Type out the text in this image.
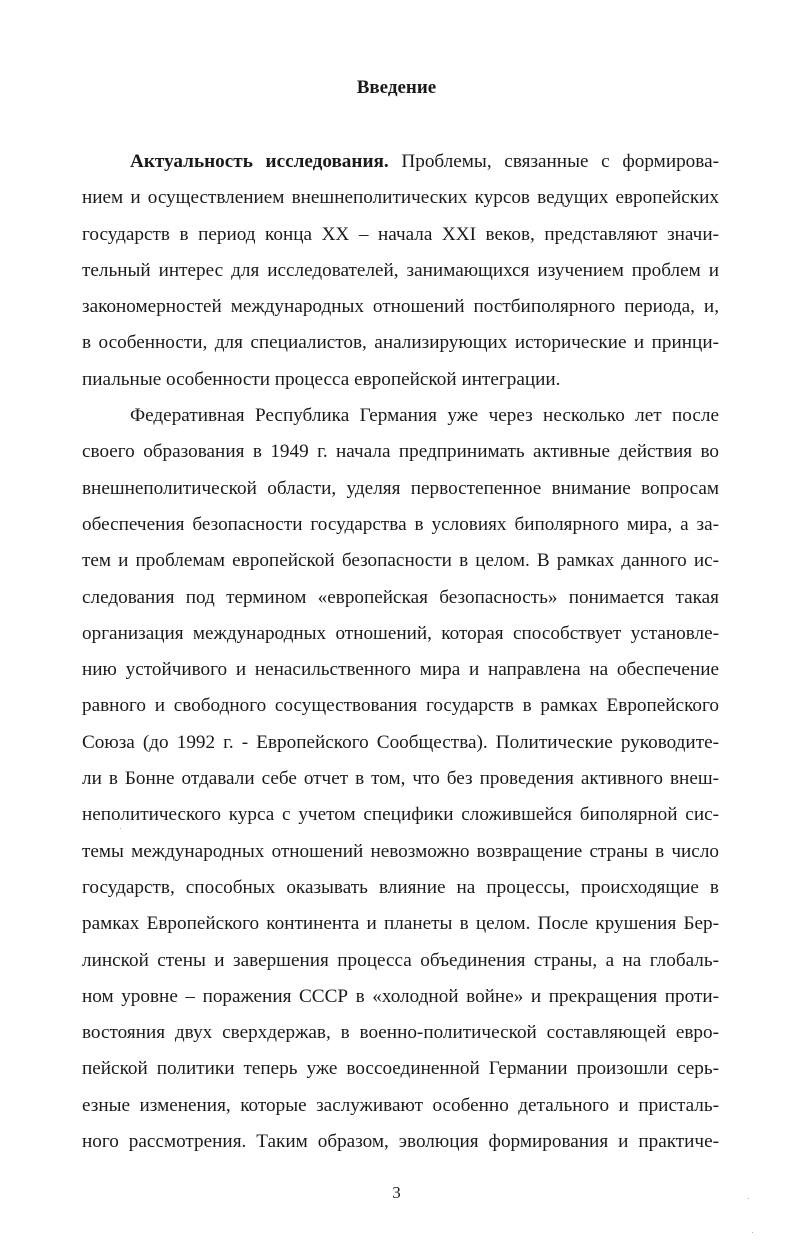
Введение
Актуальность исследования. Проблемы, связанные с формирова-
нием и осуществлением внешнеполитических курсов ведущих европейских
государств в период конца XX – начала XXI веков, представляют значи-
тельный интерес для исследователей, занимающихся изучением проблем и
закономерностей международных отношений постбиполярного периода, и,
в особенности, для специалистов, анализирующих исторические и принци-
пиальные особенности процесса европейской интеграции.
Федеративная Республика Германия уже через несколько лет после
своего образования в 1949 г. начала предпринимать активные действия во
внешнеполитической области, уделяя первостепенное внимание вопросам
обеспечения безопасности государства в условиях биполярного мира, а за-
тем и проблемам европейской безопасности в целом. В рамках данного ис-
следования под термином «европейская безопасность» понимается такая
организация международных отношений, которая способствует установле-
нию устойчивого и ненасильственного мира и направлена на обеспечение
равного и свободного сосуществования государств в рамках Европейского
Союза (до 1992 г. - Европейского Сообщества). Политические руководите-
ли в Бонне отдавали себе отчет в том, что без проведения активного внеш-
неполитического курса с учетом специфики сложившейся биполярной сис-
темы международных отношений невозможно возвращение страны в число
государств, способных оказывать влияние на процессы, происходящие в
рамках Европейского континента и планеты в целом. После крушения Бер-
линской стены и завершения процесса объединения страны, а на глобаль-
ном уровне – поражения СССР в «холодной войне» и прекращения проти-
востояния двух сверхдержав, в военно-политической составляющей евро-
пейской политики теперь уже воссоединенной Германии произошли серь-
езные изменения, которые заслуживают особенно детального и присталь-
ного рассмотрения. Таким образом, эволюция формирования и практиче-
3
